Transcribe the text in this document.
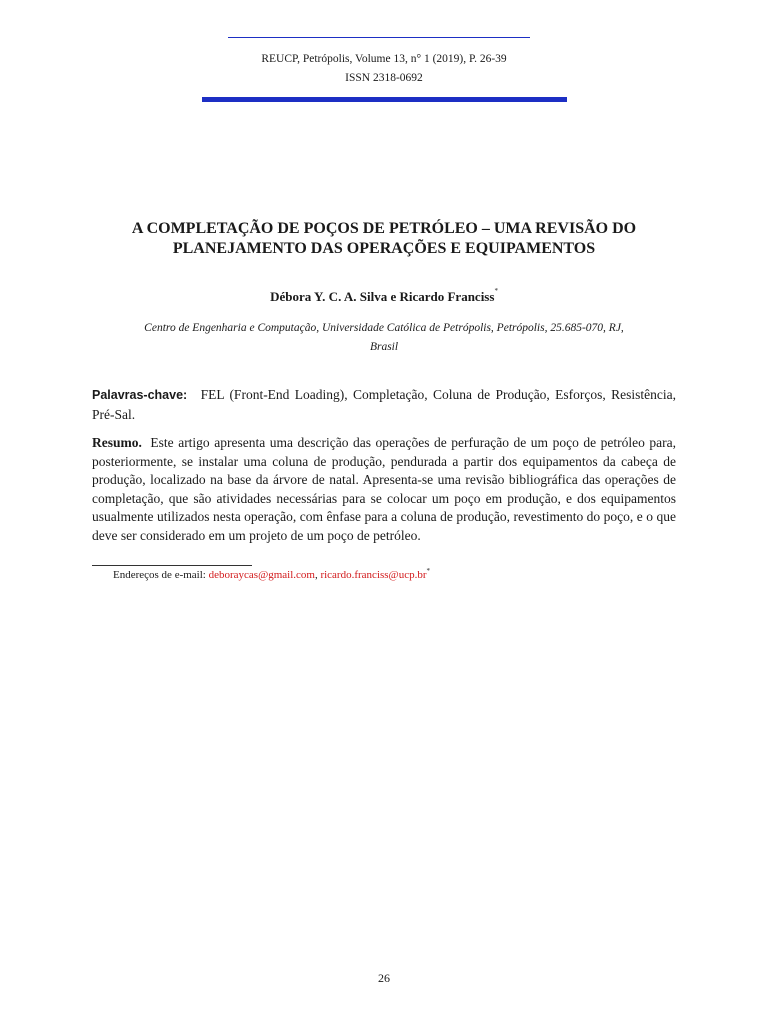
REUCP, Petrópolis, Volume 13, n° 1 (2019), P. 26-39
ISSN 2318-0692
A COMPLETAÇÃO DE POÇOS DE PETRÓLEO – UMA REVISÃO DO
PLANEJAMENTO DAS OPERAÇÕES E EQUIPAMENTOS
Débora Y. C. A. Silva e Ricardo Franciss*
Centro de Engenharia e Computação, Universidade Católica de Petrópolis, Petrópolis, 25.685-070, RJ,
Brasil

Palavras-chave: FEL (Front-End Loading), Completação, Coluna de Produção, Esforços, Resistência, Pré-Sal.

Resumo. Este artigo apresenta uma descrição das operações de perfuração de um poço de petróleo para, posteriormente, se instalar uma coluna de produção, pendurada a partir dos equipamentos da cabeça de produção, localizado na base da árvore de natal. Apresenta-se uma revisão bibliográfica das operações de completação, que são atividades necessárias para se colocar um poço em produção, e dos equipamentos usualmente utilizados nesta operação, com ênfase para a coluna de produção, revestimento do poço, e o que deve ser considerado em um projeto de um poço de petróleo.

Endereços de e-mail: deboraycas@gmail.com, ricardo.franciss@ucp.br*
26
